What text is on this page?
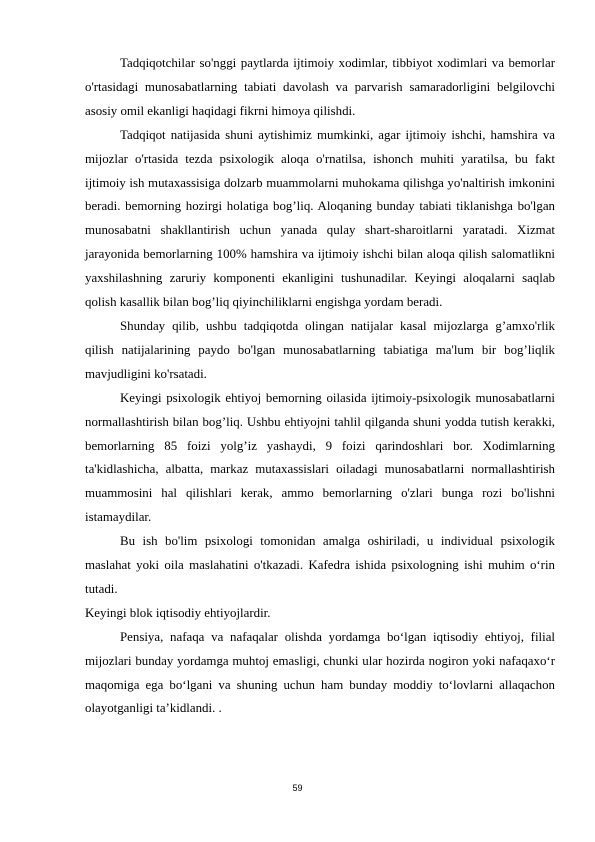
Tadqiqotchilar so'nggi paytlarda ijtimoiy xodimlar, tibbiyot xodimlari va bemorlar o'rtasidagi munosabatlarning tabiati davolash va parvarish samaradorligini belgilovchi asosiy omil ekanligi haqidagi fikrni himoya qilishdi.

Tadqiqot natijasida shuni aytishimiz mumkinki, agar ijtimoiy ishchi, hamshira va mijozlar o'rtasida tezda psixologik aloqa o'rnatilsa, ishonch muhiti yaratilsa, bu fakt ijtimoiy ish mutaxassisiga dolzarb muammolarni muhokama qilishga yo'naltirish imkonini beradi. bemorning hozirgi holatiga bog’liq. Aloqaning bunday tabiati tiklanishga bo'lgan munosabatni shakllantirish uchun yanada qulay shart-sharoitlarni yaratadi. Xizmat jarayonida bemorlarning 100% hamshira va ijtimoiy ishchi bilan aloqa qilish salomatlikni yaxshilashning zaruriy komponenti ekanligini tushunadilar. Keyingi aloqalarni saqlab qolish kasallik bilan bog’liq qiyinchiliklarni engishga yordam beradi.

Shunday qilib, ushbu tadqiqotda olingan natijalar kasal mijozlarga g’amxo'rlik qilish natijalarining paydo bo'lgan munosabatlarning tabiatiga ma'lum bir bog’liqlik mavjudligini ko'rsatadi.

Keyingi psixologik ehtiyoj bemorning oilasida ijtimoiy-psixologik munosabatlarni normallashtirish bilan bog’liq. Ushbu ehtiyojni tahlil qilganda shuni yodda tutish kerakki, bemorlarning 85 foizi yolg’iz yashaydi, 9 foizi qarindoshlari bor. Xodimlarning ta'kidlashicha, albatta, markaz mutaxassislari oiladagi munosabatlarni normallashtirish muammosini hal qilishlari kerak, ammo bemorlarning o'zlari bunga rozi bo'lishni istamaydilar.

Bu ish bo'lim psixologi tomonidan amalga oshiriladi, u individual psixologik maslahat yoki oila maslahatini o'tkazadi. Kafedra ishida psixologning ishi muhim o‘rin tutadi.

Keyingi blok iqtisodiy ehtiyojlardir.

Pensiya, nafaqa va nafaqalar olishda yordamga bo‘lgan iqtisodiy ehtiyoj, filial mijozlari bunday yordamga muhtoj emasligi, chunki ular hozirda nogiron yoki nafaqaxo‘r maqomiga ega bo‘lgani va shuning uchun ham bunday moddiy to‘lovlarni allaqachon olayotganligi ta’kidlandi. .

59
